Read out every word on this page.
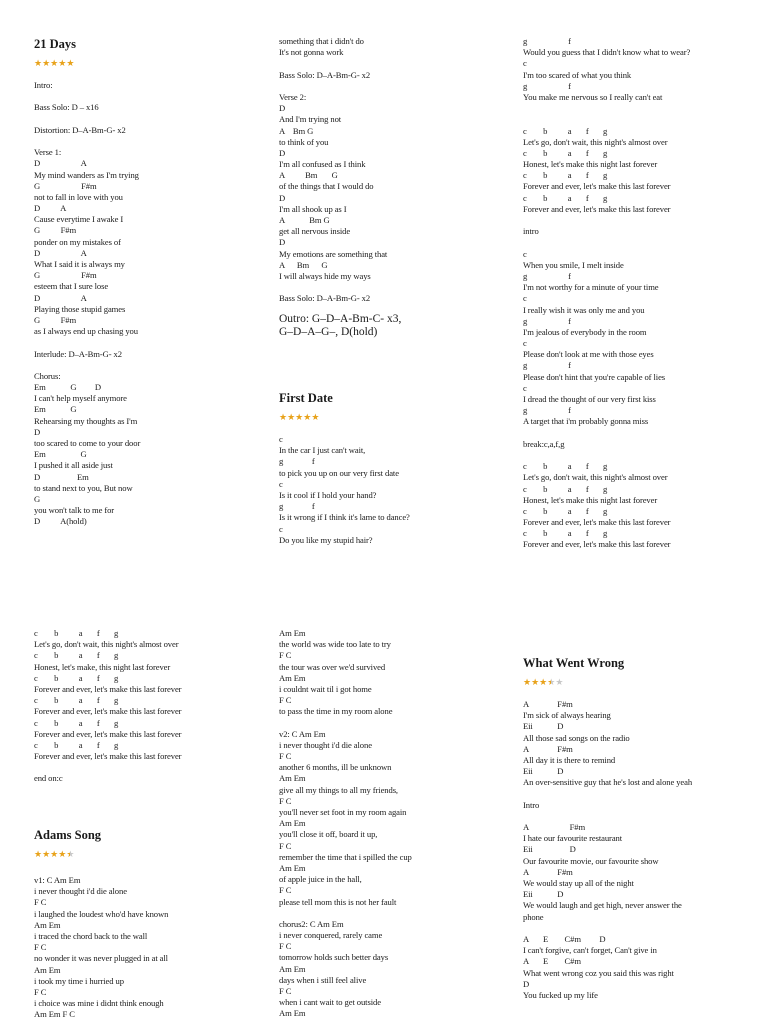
21 Days
★ ★ ★ ★ ★
Intro:
Bass Solo: D – x16
Distortion: D–A-Bm-G- x2
Verse 1:
D                    A
My mind wanders as I'm trying
G                    F#m
not to fall in love with you
D          A
Cause everytime I awake I
G          F#m
ponder on my mistakes of
D                    A
What I said it is always my
G                    F#m
esteem that I sure lose
D                    A
Playing those stupid games
G          F#m
as I always end up chasing you
Interlude: D–A-Bm-G- x2
Chorus:
Em            G         D
I can't help myself anymore
Em            G
Rehearsing my thoughts as I'm
D
too scared to come to your door
Em                 G
I pushed it all aside just
D                  Em
to stand next to you, But now
G
you won't talk to me for
D          A(hold)
something that i didn't do
It's not gonna work
Bass Solo: D–A-Bm-G- x2
Verse 2:
D
And I'm trying not
A    Bm G
to think of you
D
I'm all confused as I think
A          Bm       G
of the things that I would do
D
I'm all shook up as I
A            Bm G
get all nervous inside
D
My emotions are something that
A      Bm      G
I will always hide my ways
Bass Solo: D–A-Bm-G- x2
Outro: G–D–A-Bm-C- x3,
G–D–A–G–, D(hold)
First Date
★ ★ ★ ★ ★
c
In the car I just can't wait,
g              f
to pick you up on our very first date
c
Is it cool if I hold your hand?
g              f
Is it wrong if I think it's lame to dance?
c
Do you like my stupid hair?
g                    f
Would you guess that I didn't know what to wear?
c
I'm too scared of what you think
g                    f
You make me nervous so I really can't eat
c        b          a       f       g
Let's go, don't wait, this night's almost over
c        b          a       f       g
Honest, let's make this night last forever
c        b          a       f       g
Forever and ever, let's make this last forever
c        b          a       f       g
Forever and ever, let's make this last forever
intro
c
When you smile, I melt inside
g                    f
I'm not worthy for a minute of your time
c
I really wish it was only me and you
g                    f
I'm jealous of everybody in the room
c
Please don't look at me with those eyes
g                    f
Please don't hint that you're capable of lies
c
I dread the thought of our very first kiss
g                    f
A target that i'm probably gonna miss
break:c,a,f,g
c        b          a       f       g
Let's go, don't wait, this night's almost over
c        b          a       f       g
Honest, let's make this night last forever
c        b          a       f       g
Forever and ever, let's make this last forever
c        b          a       f       g
Forever and ever, let's make this last forever
c        b          a       f       g
Let's go, don't wait, this night's almost over
c        b          a       f       g
Honest, let's make, this night last forever
c        b          a       f       g
Forever and ever, let's make this last forever
c        b          a       f       g
Forever and ever, let's make this last forever
c        b          a       f       g
Forever and ever, let's make this last forever
c        b          a       f       g
Forever and ever, let's make this last forever
end on:c
Adams Song
★ ★ ★ ★ ★
v1: C Am Em
i never thought i'd die alone
F C
i laughed the loudest who'd have known
Am Em
i traced the chord back to the wall
F C
no wonder it was never plugged in at all
Am Em
i took my time i hurried up
F C
i choice was mine i didnt think enough
Am Em F C
Am Em
the world was wide too late to try
F C
the tour was over we'd survived
Am Em
i couldnt wait til i got home
F C
to pass the time in my room alone
v2: C Am Em
i never thought i'd die alone
F C
another 6 months, ill be unknown
Am Em
give all my things to all my friends,
F C
you'll never set foot in my room again
Am Em
you'll close it off, board it up,
F C
remember the time that i spilled the cup
Am Em
of apple juice in the hall,
F C
please tell mom this is not her fault
chorus2: C Am Em
i never conquered, rarely came
F C
tomorrow holds such better days
Am Em
days when i still feel alive
F C
when i cant wait to get outside
Am Em
What Went Wrong
★ ★ ★ ★ ★
A              F#m
I'm sick of always hearing
Eii            D
All those sad songs on the radio
A              F#m
All day it is there to remind
Eii            D
An over-sensitive guy that he's lost and alone yeah
Intro
A                    F#m
I hate our favourite restaurant
Eii                  D
Our favourite movie, our favourite show
A              F#m
We would stay up all of the night
Eii            D
We would laugh and get high, never answer the
phone
A       E        C#m         D
I can't forgive, can't forget, Can't give in
A       E        C#m
What went wrong coz you said this was right
D
You fucked up my life
